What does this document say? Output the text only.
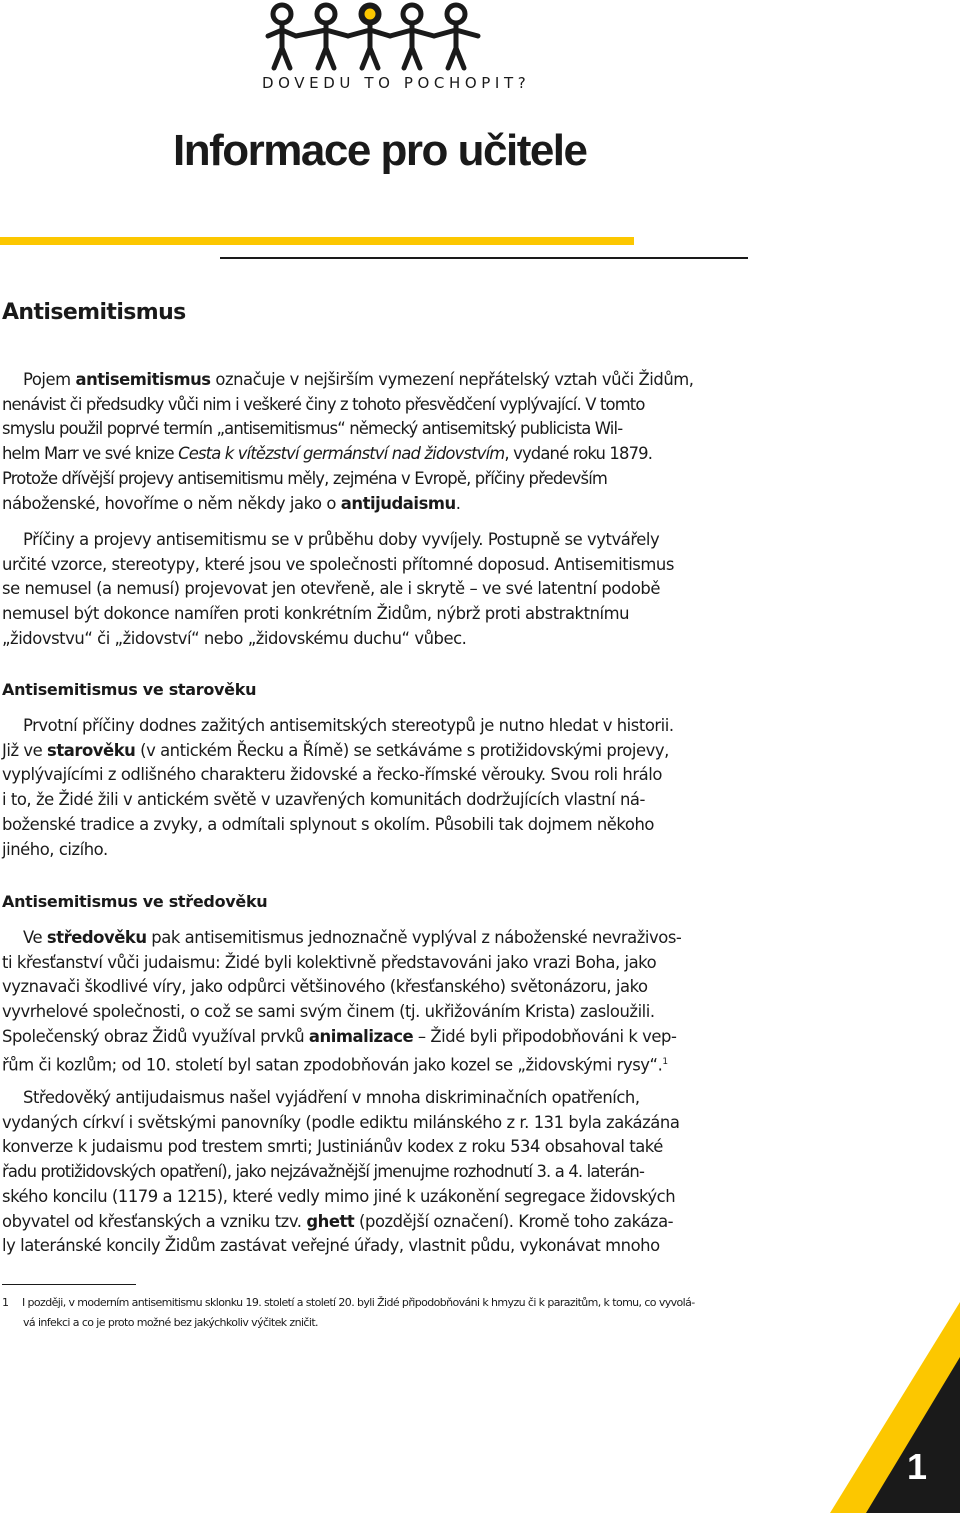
DOVEDU TO POCHOPIT?
Informace pro učitele
Antisemitismus
Pojem antisemitismus označuje v nejširším vymezení nepřátelský vztah vůči Židům,
nenávist či předsudky vůči nim i veškeré činy z tohoto přesvědčení vyplývající. V tomto
smyslu použil poprvé termín „antisemitismus“ německý antisemitský publicista Wil-
helm Marr ve své knize Cesta k vítězství germánství nad židovstvím, vydané roku 1879.
Protože dřívější projevy antisemitismu měly, zejména v Evropě, příčiny především
náboženské, hovoříme o něm někdy jako o antijudaismu.
Příčiny a projevy antisemitismu se v průběhu doby vyvíjely. Postupně se vytvářely
určité vzorce, stereotypy, které jsou ve společnosti přítomné doposud. Antisemitismus
se nemusel (a nemusí) projevovat jen otevřeně, ale i skrytě – ve své latentní podobě
nemusel být dokonce namířen proti konkrétním Židům, nýbrž proti abstraktnímu
„židovstvu“ či „židovství“ nebo „židovskému duchu“ vůbec.
Antisemitismus ve starověku
Prvotní příčiny dodnes zažitých antisemitských stereotypů je nutno hledat v historii.
Již ve starověku (v antickém Řecku a Římě) se setkáváme s protižidovskými projevy,
vyplývajícími z odlišného charakteru židovské a řecko-římské věrouky. Svou roli hrálo
i to, že Židé žili v antickém světě v uzavřených komunitách dodržujících vlastní ná-
boženské tradice a zvyky, a odmítali splynout s okolím. Působili tak dojmem někoho
jiného, cizího.
Antisemitismus ve středověku
Ve středověku pak antisemitismus jednoznačně vyplýval z náboženské nevraživos-
ti křesťanství vůči judaismu: Židé byli kolektivně představováni jako vrazi Boha, jako
vyznavači škodlivé víry, jako odpůrci většinového (křesťanského) světonázoru, jako
vyvrhelové společnosti, o což se sami svým činem (tj. ukřižováním Krista) zasloužili.
Společenský obraz Židů využíval prvků animalizace – Židé byli připodobňováni k vep-
řům či kozlům; od 10. století byl satan zpodobňován jako kozel se „židovskými rysy“.$^1$
Středověký antijudaismus našel vyjádření v mnoha diskriminačních opatřeních,
vydaných církví i světskými panovníky (podle ediktu milánského z r. 131 byla zakázána
konverze k judaismu pod trestem smrti; Justiniánův kodex z roku 534 obsahoval také
řadu protižidovských opatření), jako nejzávažnější jmenujme rozhodnutí 3. a 4. laterán-
ského koncilu (1179 a 1215), které vedly mimo jiné k uzákonění segregace židovských
obyvatel od křesťanských a vzniku tzv. ghett (pozdější označení). Kromě toho zakáza-
ly lateránské koncily Židům zastávat veřejné úřady, vlastnit půdu, vykonávat mnoho
1 I později, v moderním antisemitismu sklonku 19. století a století 20. byli Židé připodobňováni k hmyzu či k parazitům, k tomu, co vyvolá-
vá infekci a co je proto možné bez jakýchkoliv výčitek zničit.
1
